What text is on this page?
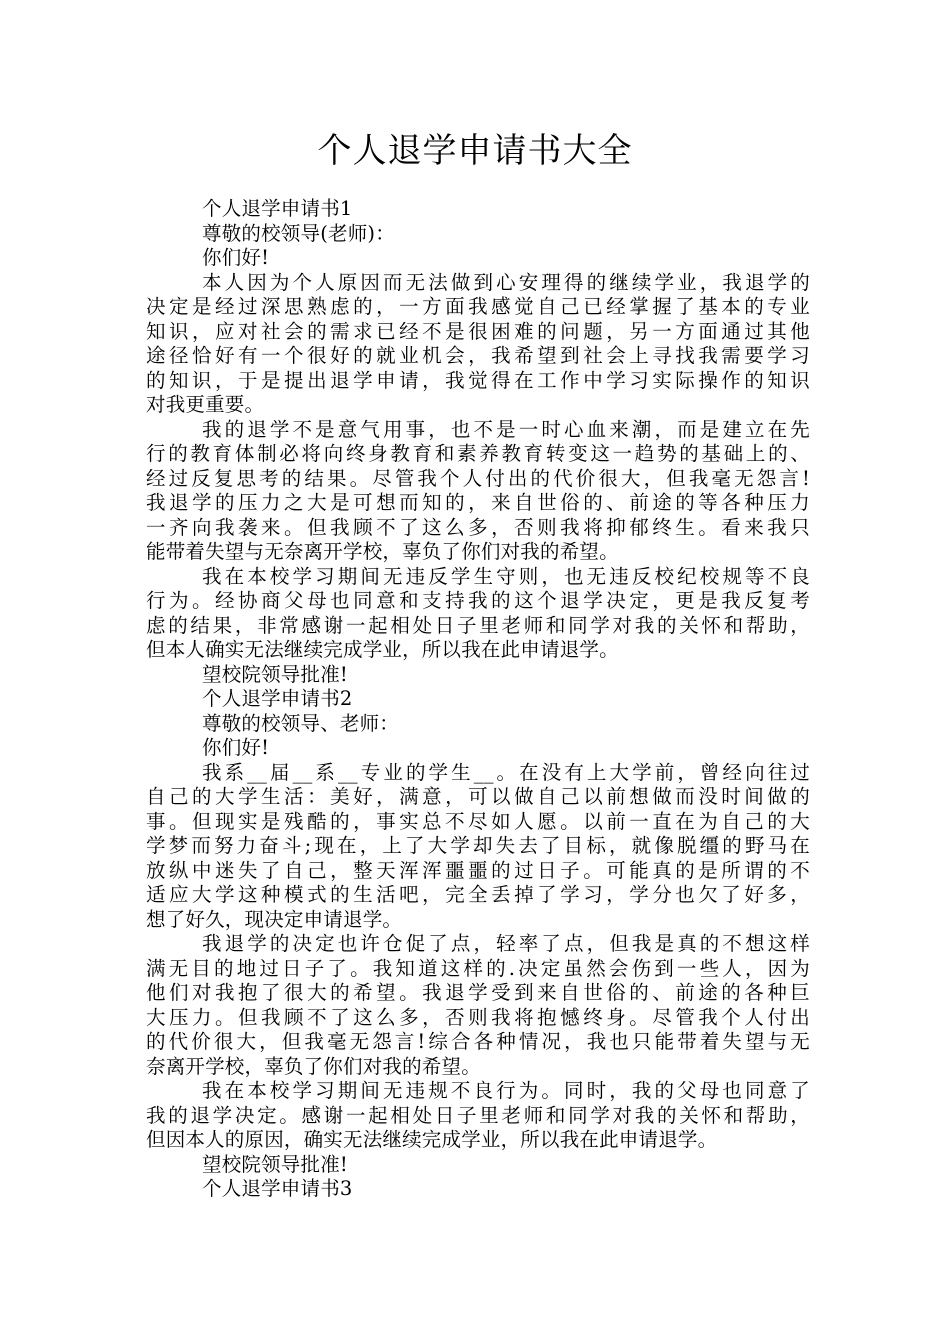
个人退学申请书大全
个人退学申请书1
尊敬的校领导(老师)：
你们好!
本人因为个人原因而无法做到心安理得的继续学业，我退学的
决定是经过深思熟虑的，一方面我感觉自己已经掌握了基本的专业
知识，应对社会的需求已经不是很困难的问题，另一方面通过其他
途径恰好有一个很好的就业机会，我希望到社会上寻找我需要学习
的知识，于是提出退学申请，我觉得在工作中学习实际操作的知识
对我更重要。
我的退学不是意气用事，也不是一时心血来潮，而是建立在先
行的教育体制必将向终身教育和素养教育转变这一趋势的基础上的、
经过反复思考的结果。尽管我个人付出的代价很大，但我毫无怨言!
我退学的压力之大是可想而知的，来自世俗的、前途的等各种压力
一齐向我袭来。但我顾不了这么多，否则我将抑郁终生。看来我只
能带着失望与无奈离开学校，辜负了你们对我的希望。
我在本校学习期间无违反学生守则，也无违反校纪校规等不良
行为。经协商父母也同意和支持我的这个退学决定，更是我反复考
虑的结果，非常感谢一起相处日子里老师和同学对我的关怀和帮助，
但本人确实无法继续完成学业，所以我在此申请退学。
望校院领导批准!
个人退学申请书2
尊敬的校领导、老师：
你们好!
我系__届__系__专业的学生__。在没有上大学前，曾经向往过
自己的大学生活：美好，满意，可以做自己以前想做而没时间做的
事。但现实是残酷的，事实总不尽如人愿。以前一直在为自己的大
学梦而努力奋斗;现在，上了大学却失去了目标，就像脱缰的野马在
放纵中迷失了自己，整天浑浑噩噩的过日子。可能真的是所谓的不
适应大学这种模式的生活吧，完全丢掉了学习，学分也欠了好多，
想了好久，现决定申请退学。
我退学的决定也许仓促了点，轻率了点，但我是真的不想这样
满无目的地过日子了。我知道这样的.决定虽然会伤到一些人，因为
他们对我抱了很大的希望。我退学受到来自世俗的、前途的各种巨
大压力。但我顾不了这么多，否则我将抱憾终身。尽管我个人付出
的代价很大，但我毫无怨言!综合各种情况，我也只能带着失望与无
奈离开学校，辜负了你们对我的希望。
我在本校学习期间无违规不良行为。同时，我的父母也同意了
我的退学决定。感谢一起相处日子里老师和同学对我的关怀和帮助，
但因本人的原因，确实无法继续完成学业，所以我在此申请退学。
望校院领导批准!
个人退学申请书3
